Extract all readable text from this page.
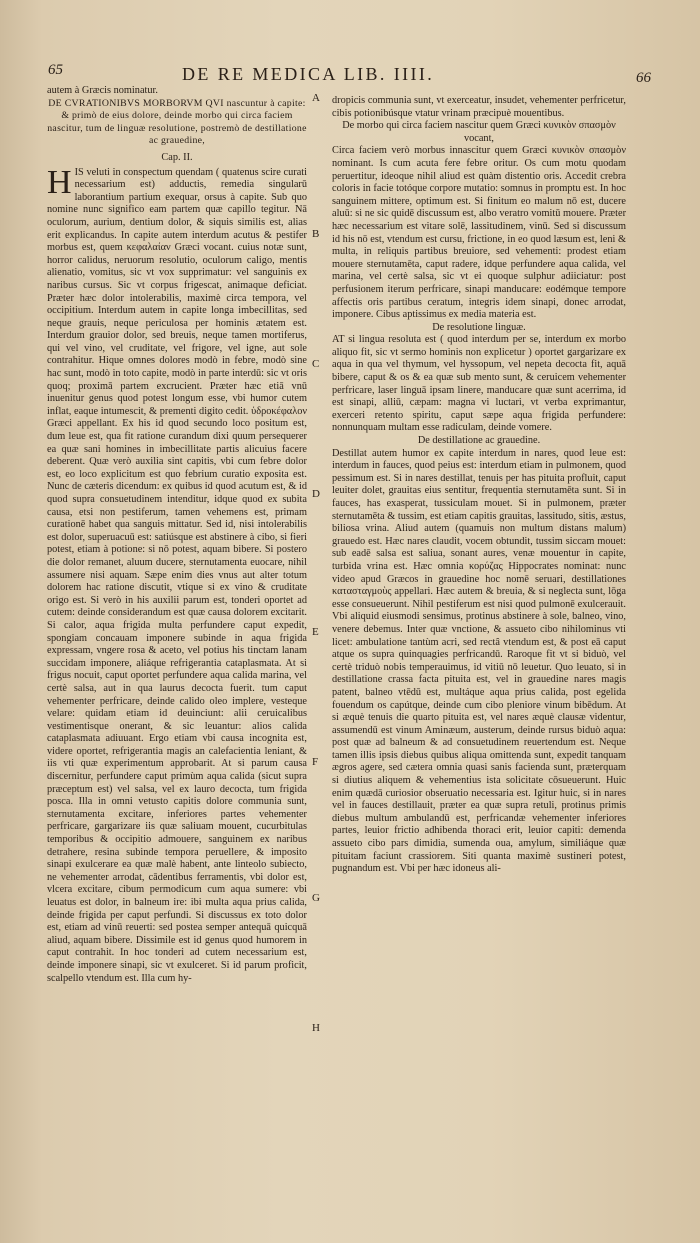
65	DE RE MEDICA LIB. IIII.	66

autem à Græcis nominatur.

DE CVRATIONIBVS MORBORVM QVI nascuntur à capite: & primò de eius dolore, deinde morbo qui circa faciem nascitur, tum de linguæ resolutione, postremò de destillatione ac grauedine,

Cap. II.

HIS veluti in conspectum quendam ( quatenus scire curati necessarium est) adductis, remedia singularū laborantium partium exequar, orsus à capite. Sub quo nomine nunc significo eam partem quæ capillo tegitur. Nā oculorum, aurium, dentium dolor, & siquis similis est, alias erit explicandus. In capite autem interdum acutus & pestifer morbus est, quem κεφαλαίαν Græci vocant. cuius notæ sunt, horror calidus, neruorum resolutio, oculorum caligo, mentis alienatio, vomitus, sic vt vox supprimatur: vel sanguinis ex naribus cursus. Sic vt corpus frigescat, animaque deficiat. Præter hæc dolor intolerabilis, maximè circa tempora, vel occipitium. Interdum autem in capite longa imbecillitas, sed neque grauis, neque periculosa per hominis ætatem est. Interdum grauior dolor, sed breuis, neque tamen mortiferus, qui vel vino, vel cruditate, vel frigore, vel igne, aut sole contrahitur. Hique omnes dolores modò in febre, modò sine hac sunt, modò in toto capite, modò in parte interdū: sic vt oris quoq; proximā partem excrucient. Præter hæc etiā vnū inuenitur genus quod potest longum esse, vbi humor cutem inflat, eaque intumescit, & prementi digito cedit. ὑδροκέφαλον Græci appellant. Ex his id quod secundo loco positum est, dum leue est, qua fit ratione curandum dixi quum persequerer ea quæ sani homines in imbecillitate partis alicuius facere deberent. Quæ verò auxilia sint capitis, vbi cum febre dolor est, eo loco explicitum est quo febrium curatio exposita est. Nunc de cæteris dicendum: ex quibus id quod acutum est, & id quod supra consuetudinem intenditur, idque quod ex subita causa, etsi non pestiferum, tamen vehemens est, primam curationē habet qua sanguis mittatur. Sed id, nisi intolerabilis est dolor, superuacuū est: satiúsque est abstinere à cibo, si fieri potest, etiam à potione: si nō potest, aquam bibere. Si postero die dolor remanet, aluum ducere, sternutamenta euocare, nihil assumere nisi aquam. Sæpe enim dies vnus aut alter totum dolorem hac ratione discutit, vtique si ex vino & cruditate origo est. Si verò in his auxilii parum est, tonderi oportet ad cutem: deinde considerandum est quæ causa dolorem excitarit. Si calor, aqua frigida multa perfundere caput expedit, spongiam concauam imponere subinde in aqua frigida expressam, vngere rosa & aceto, vel potius his tinctam lanam succidam imponere, aliáque refrigerantia cataplasmata. At si frigus nocuit, caput oportet perfundere aqua calida marina, vel certè salsa, aut in qua laurus decocta fuerit. tum caput vehementer perfricare, deinde calido oleo implere, vesteque velare: quidam etiam id deuinciunt: alii ceruicalibus vestimentisque onerant, & sic leuantur: alios calida cataplasmata adiuuant. Ergo etiam vbi causa incognita est, videre oportet, refrigerantia magis an calefacientia leniant, & iis vti quæ experimentum approbarit. At si parum causa discernitur, perfundere caput primùm aqua calida (sicut supra præceptum est) vel salsa, vel ex lauro decocta, tum frigida posca. Illa in omni vetusto capitis dolore communia sunt, sternutamenta excitare, inferiores partes vehementer perfricare, gargarizare iis quæ saliuam mouent, cucurbitulas temporibus & occipitio admouere, sanguinem ex naribus detrahere, resina subinde tempora peruellere, & imposito sinapi exulcerare ea quæ malè habent, ante linteolo subiecto, ne vehementer arrodat, cādentibus ferramentis, vbi dolor est, vlcera excitare, cibum permodicum cum aqua sumere: vbi leuatus est dolor, in balneum ire: ibi multa aqua prius calida, deinde frigida per caput perfundi. Si discussus ex toto dolor est, etiam ad vinū reuerti: sed postea semper antequā quicquā aliud, aquam bibere. Dissimile est id genus quod humorem in caput contrahit. In hoc tonderi ad cutem necessarium est, deinde imponere sinapi, sic vt exulceret. Si id parum proficit, scalpello vtendum est. Illa cum hy-

A
B
C
D
E
F
G
H

dropicis communia sunt, vt exerceatur, insudet, vehementer perfricetur, cibis potionibúsque vtatur vrinam præcipuè mouentibus.

De morbo qui circa faciem nascitur quem Græci κυνικὸν σπασμὸν vocant,

Circa faciem verò morbus innascitur quem Græci κυνικὸν σπασμὸν nominant. Is cum acuta fere febre oritur. Os cum motu quodam peruertitur, ideoque nihil aliud est quàm distentio oris. Accedit crebra coloris in facie totóque corpore mutatio: somnus in promptu est. In hoc sanguinem mittere, optimum est. Si finitum eo malum nō est, ducere aluū: si ne sic quidē discussum est, albo veratro vomitū mouere. Præter hæc necessarium est vitare solē, lassitudinem, vinū. Sed si discussum id his nō est, vtendum est cursu, frictione, in eo quod læsum est, leni & multa, in reliquis partibus breuiore, sed vehementi: prodest etiam mouere sternutamēta, caput radere, idque perfundere aqua calida, vel marina, vel certè salsa, sic vt ei quoque sulphur adiiciatur: post perfusionem iterum perfricare, sinapi manducare: eodémque tempore affectis oris partibus ceratum, integris idem sinapi, donec arrodat, imponere. Cibus aptissimus ex media materia est.

De resolutione linguæ.

AT si lingua resoluta est ( quod interdum per se, interdum ex morbo aliquo fit, sic vt sermo hominis non explicetur ) oportet gargarizare ex aqua in qua vel thymum, vel hyssopum, vel nepeta decocta fit, aquā bibere, caput & os & ea quæ sub mento sunt, & ceruicem vehementer perfricare, laser linguā ipsam linere, manducare quæ sunt acerrima, id est sinapi, alliū, cæpam: magna vi luctari, vt verba exprimantur, exerceri retento spiritu, caput sæpe aqua frigida perfundere: nonnunquam multam esse radiculam, deinde vomere.

De destillatione ac grauedine.

Destillat autem humor ex capite interdum in nares, quod leue est: interdum in fauces, quod peius est: interdum etiam in pulmonem, quod pessimum est. Si in nares destillat, tenuis per has pituita profluit, caput leuiter dolet, grauitas eius sentitur, frequentia sternutamēta sunt. Si in fauces, has exasperat, tussiculam mouet. Si in pulmonem, præter sternutamēta & tussim, est etiam capitis grauitas, lassitudo, sitis, æstus, biliosa vrina. Aliud autem (quamuis non multum distans malum) grauedo est. Hæc nares claudit, vocem obtundit, tussim siccam mouet: sub eadē salsa est saliua, sonant aures, venæ mouentur in capite, turbida vrina est. Hæc omnia κορύζας Hippocrates nominat: nunc video apud Græcos in grauedine hoc nomē seruari, destillationes κατασταγμοὺς appellari. Hæc autem & breuia, & si neglecta sunt, lōga esse consueuerunt. Nihil pestiferum est nisi quod pulmonē exulcerauit. Vbi aliquid eiusmodi sensimus, protinus abstinere à sole, balneo, vino, venere debemus. Inter quæ vnctione, & assueto cibo nihilominus vti licet: ambulatione tantùm acri, sed rectâ vtendum est, & post eā caput atque os supra quinquagies perfricandū. Raroque fit vt si biduò, vel certè triduò nobis temperauimus, id vitiū nō leuetur. Quo leuato, si in destillatione crassa facta pituita est, vel in grauedine nares magis patent, balneo vtēdū est, multáque aqua prius calida, post egelida fouendum os capútque, deinde cum cibo pleniore vinum bibēdum. At si æquè tenuis die quarto pituita est, vel nares æquè clausæ videntur, assumendū est vinum Aminæum, austerum, deinde rursus biduò aqua: post quæ ad balneum & ad consuetudinem reuertendum est. Neque tamen illis ipsis diebus quibus aliqua omittenda sunt, expedit tanquam ægros agere, sed cætera omnia quasi sanis facienda sunt, præterquam si diutius aliquem & vehementius ista solicitate cōsueuerunt. Huic enim quædā curiosior obseruatio necessaria est. Igitur huic, si in nares vel in fauces destillauit, præter ea quæ supra retuli, protinus primis diebus multum ambulandū est, perfricandæ vehementer inferiores partes, leuior frictio adhibenda thoraci erit, leuior capiti: demenda assueto cibo pars dimidia, sumenda oua, amylum, similiáque quæ pituitam faciunt crassiorem. Siti quanta maximè sustineri potest, pugnandum est. Vbi per hæc idoneus ali-
